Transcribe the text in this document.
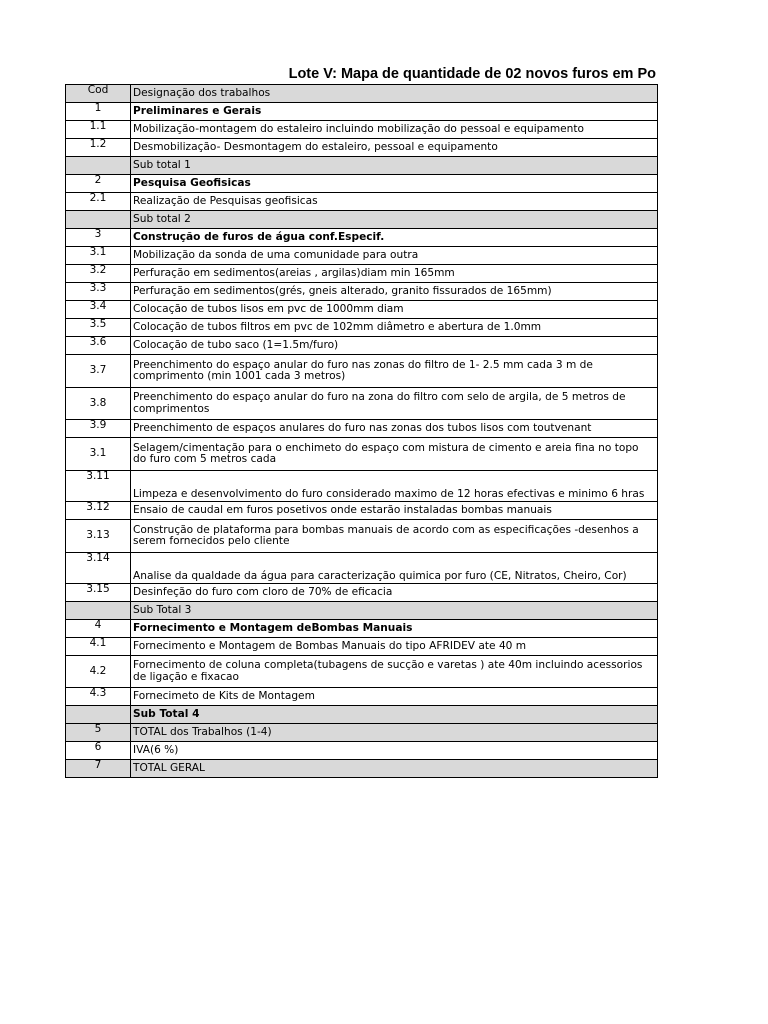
Lote V: Mapa de quantidade de 02 novos furos em Po
Cod	Designação dos trabalhos
1	Preliminares e Gerais
1.1	Mobilização-montagem do estaleiro incluindo mobilização do pessoal e equipamento
1.2	Desmobilização- Desmontagem do estaleiro, pessoal e equipamento
	Sub total 1
2	Pesquisa Geofisicas
2.1	Realização de Pesquisas geofisicas
	Sub total 2
3	Construção de furos de água conf.Especif.
3.1	Mobilização da sonda de uma comunidade para outra
3.2	Perfuração em sedimentos(areias , argilas)diam min 165mm
3.3	Perfuração em sedimentos(grés, gneis alterado, granito fissurados de 165mm)
3.4	Colocação de tubos lisos em pvc de 1000mm diam
3.5	Colocação de tubos filtros em pvc de 102mm diâmetro e abertura de 1.0mm
3.6	Colocação de tubo saco (1=1.5m/furo)
3.7	Preenchimento do espaço anular do furo nas zonas do filtro de 1- 2.5 mm cada 3 m de comprimento (min 1001 cada 3 metros)
3.8	Preenchimento do espaço anular do furo na zona do filtro com selo de argila, de 5 metros de comprimentos
3.9	Preenchimento de espaços anulares do furo nas zonas dos tubos lisos com toutvenant
3.1	Selagem/cimentação para o enchimeto do espaço com mistura de cimento e areia fina no topo do furo com 5 metros cada
3.11	Limpeza e desenvolvimento do furo considerado maximo de 12 horas efectivas e minimo 6 hras
3.12	Ensaio de caudal em furos posetivos onde estarão instaladas bombas manuais
3.13	Construção de plataforma para bombas manuais de acordo com as especificações -desenhos a serem fornecidos pelo cliente
3.14	Analise da qualdade da água para caracterização quimica por furo (CE, Nitratos, Cheiro, Cor)
3.15	Desinfeção do furo com cloro de 70% de eficacia
	Sub Total 3
4	Fornecimento e Montagem deBombas Manuais
4.1	Fornecimento e Montagem de Bombas Manuais do tipo AFRIDEV ate 40 m
4.2	Fornecimento de coluna completa(tubagens de sucção e varetas ) ate 40m incluindo acessorios de ligação e fixacao
4.3	Fornecimeto de Kits de Montagem
	Sub Total 4
5	TOTAL dos Trabalhos (1-4)
6	IVA(6 %)
7	TOTAL GERAL
